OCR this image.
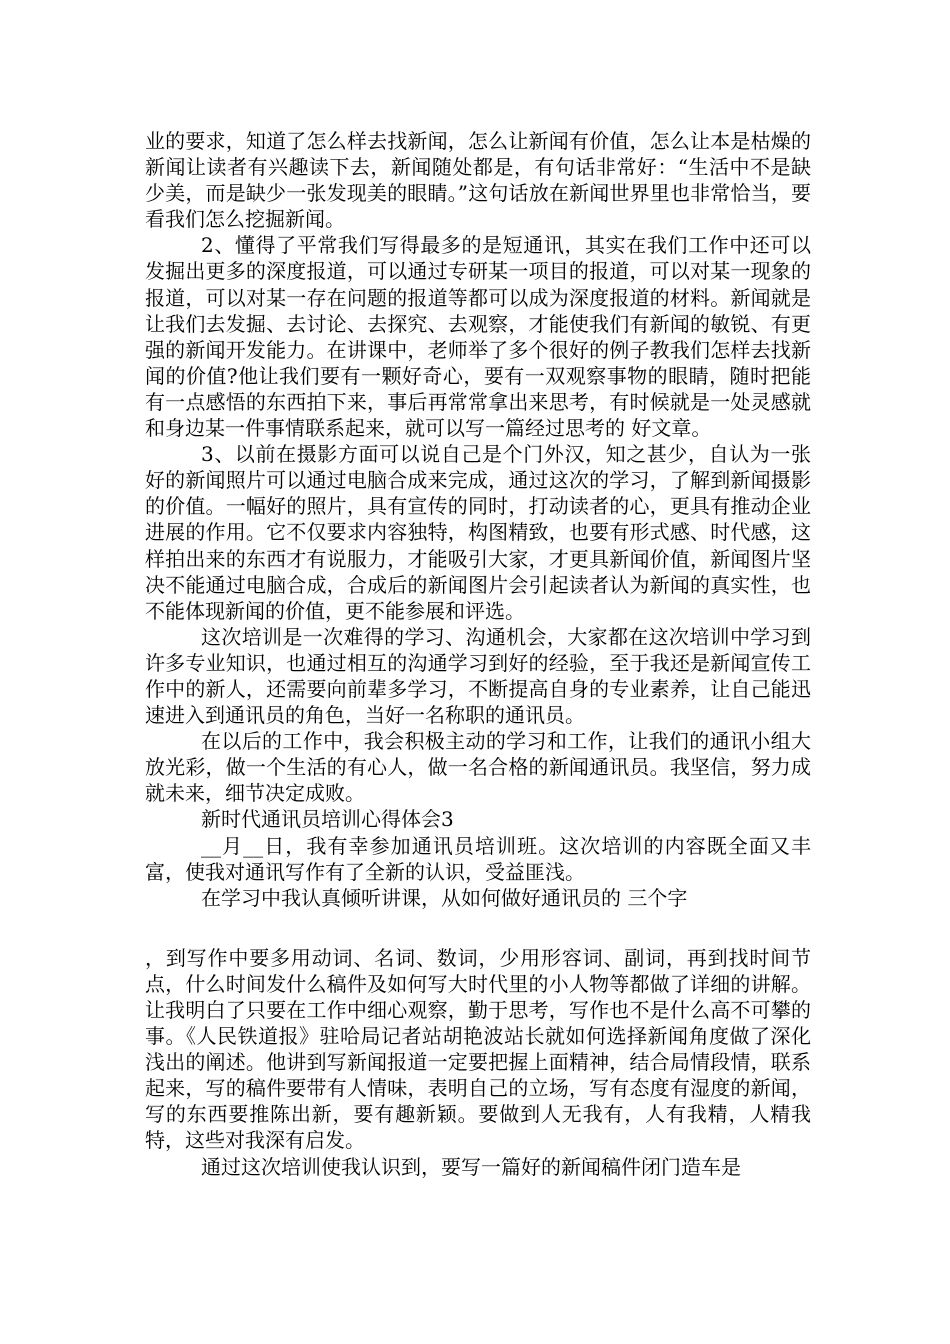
业的要求，知道了怎么样去找新闻，怎么让新闻有价值，怎么让本是枯燥的新闻让读者有兴趣读下去，新闻随处都是，有句话非常好：“生活中不是缺少美，而是缺少一张发现美的眼睛。”这句话放在新闻世界里也非常恰当，要看我们怎么挖掘新闻。

2、懂得了平常我们写得最多的是短通讯，其实在我们工作中还可以发掘出更多的深度报道，可以通过专研某一项目的报道，可以对某一现象的报道，可以对某一存在问题的报道等都可以成为深度报道的材料。新闻就是让我们去发掘、去讨论、去探究、去观察，才能使我们有新闻的敏锐、有更强的新闻开发能力。在讲课中，老师举了多个很好的例子教我们怎样去找新闻的价值?他让我们要有一颗好奇心，要有一双观察事物的眼睛，随时把能有一点感悟的东西拍下来，事后再常常拿出来思考，有时候就是一处灵感就和身边某一件事情联系起来，就可以写一篇经过思考的 好文章。

3、以前在摄影方面可以说自己是个门外汉，知之甚少，自认为一张好的新闻照片可以通过电脑合成来完成，通过这次的学习，了解到新闻摄影的价值。一幅好的照片，具有宣传的同时，打动读者的心，更具有推动企业进展的作用。它不仅要求内容独特，构图精致，也要有形式感、时代感，这样拍出来的东西才有说服力，才能吸引大家，才更具新闻价值，新闻图片坚决不能通过电脑合成，合成后的新闻图片会引起读者认为新闻的真实性，也不能体现新闻的价值，更不能参展和评选。

这次培训是一次难得的学习、沟通机会，大家都在这次培训中学习到许多专业知识，也通过相互的沟通学习到好的经验，至于我还是新闻宣传工作中的新人，还需要向前辈多学习，不断提高自身的专业素养，让自己能迅速进入到通讯员的角色，当好一名称职的通讯员。

在以后的工作中，我会积极主动的学习和工作，让我们的通讯小组大放光彩，做一个生活的有心人，做一名合格的新闻通讯员。我坚信，努力成就未来，细节决定成败。

新时代通讯员培训心得体会3

__月__日，我有幸参加通讯员培训班。这次培训的内容既全面又丰富，使我对通讯写作有了全新的认识，受益匪浅。

在学习中我认真倾听讲课，从如何做好通讯员的 三个字

，到写作中要多用动词、名词、数词，少用形容词、副词，再到找时间节点，什么时间发什么稿件及如何写大时代里的小人物等都做了详细的讲解。让我明白了只要在工作中细心观察，勤于思考，写作也不是什么高不可攀的事。《人民铁道报》驻哈局记者站胡艳波站长就如何选择新闻角度做了深化浅出的阐述。他讲到写新闻报道一定要把握上面精神，结合局情段情，联系起来，写的稿件要带有人情味，表明自己的立场，写有态度有湿度的新闻，写的东西要推陈出新，要有趣新颖。要做到人无我有，人有我精，人精我特，这些对我深有启发。

通过这次培训使我认识到，要写一篇好的新闻稿件闭门造车是
